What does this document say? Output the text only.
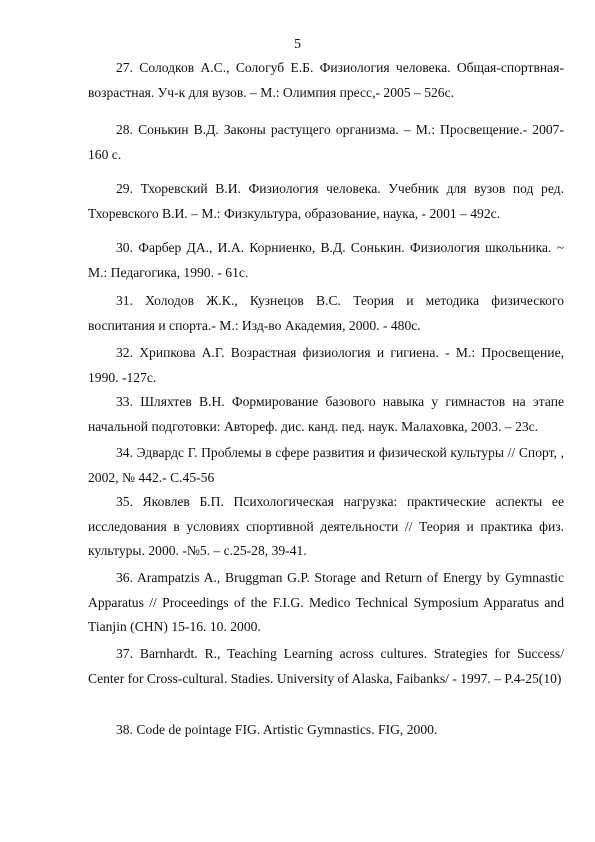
5

27. Солодков А.С., Сологуб Е.Б. Физиология человека. Общая-спортвная-возрастная. Уч-к для вузов. – М.: Олимпия пресс,- 2005 – 526с.

28. Сонькин В.Д. Законы растущего организма. – М.: Просвещение.- 2007-160 с.

29. Тхоревский В.И. Физиология человека. Учебник для вузов под ред. Тхоревского В.И. – М.: Физкультура, образование, наука, - 2001 – 492с.

30. Фарбер ДА., И.А. Корниенко, В.Д. Сонькин. Физиология школьника. ~ М.: Педагогика, 1990. - 61с.

31. Холодов Ж.К., Кузнецов В.С. Теория и методика физического воспитания и спорта.- М.: Изд-во Академия, 2000. - 480с.

32. Хрипкова А.Г. Возрастная физиология и гигиена. - М.: Просвещение, 1990. -127с.

33. Шляхтев В.Н. Формирование базового навыка у гимнастов на этапе начальной подготовки: Автореф. дис. канд. пед. наук. Малаховка, 2003. – 23с.

34. Эдвардс Г. Проблемы в сфере развития и физической культуры // Спорт, , 2002, № 442.- С.45-56

35. Яковлев Б.П. Психологическая нагрузка: практические аспекты ее исследования в условиях спортивной деятельности // Теория и практика физ. культуры. 2000. -№5. – с.25-28, 39-41.

36. Arampatzis A., Bruggman G.P. Storage and Return of Energy by Gymnastic Apparatus // Proceedings of the F.I.G. Medico Technical Symposium Apparatus and Tianjin (CHN) 15-16. 10. 2000.

37. Barnhardt. R., Teaching Learning across cultures. Strategies for Success/ Center for Cross-cultural. Stadies. University of Alaska, Faibanks/ - 1997. – P.4-25(10)

38. Code de pointage FIG. Artistic Gymnastics. FIG, 2000.
